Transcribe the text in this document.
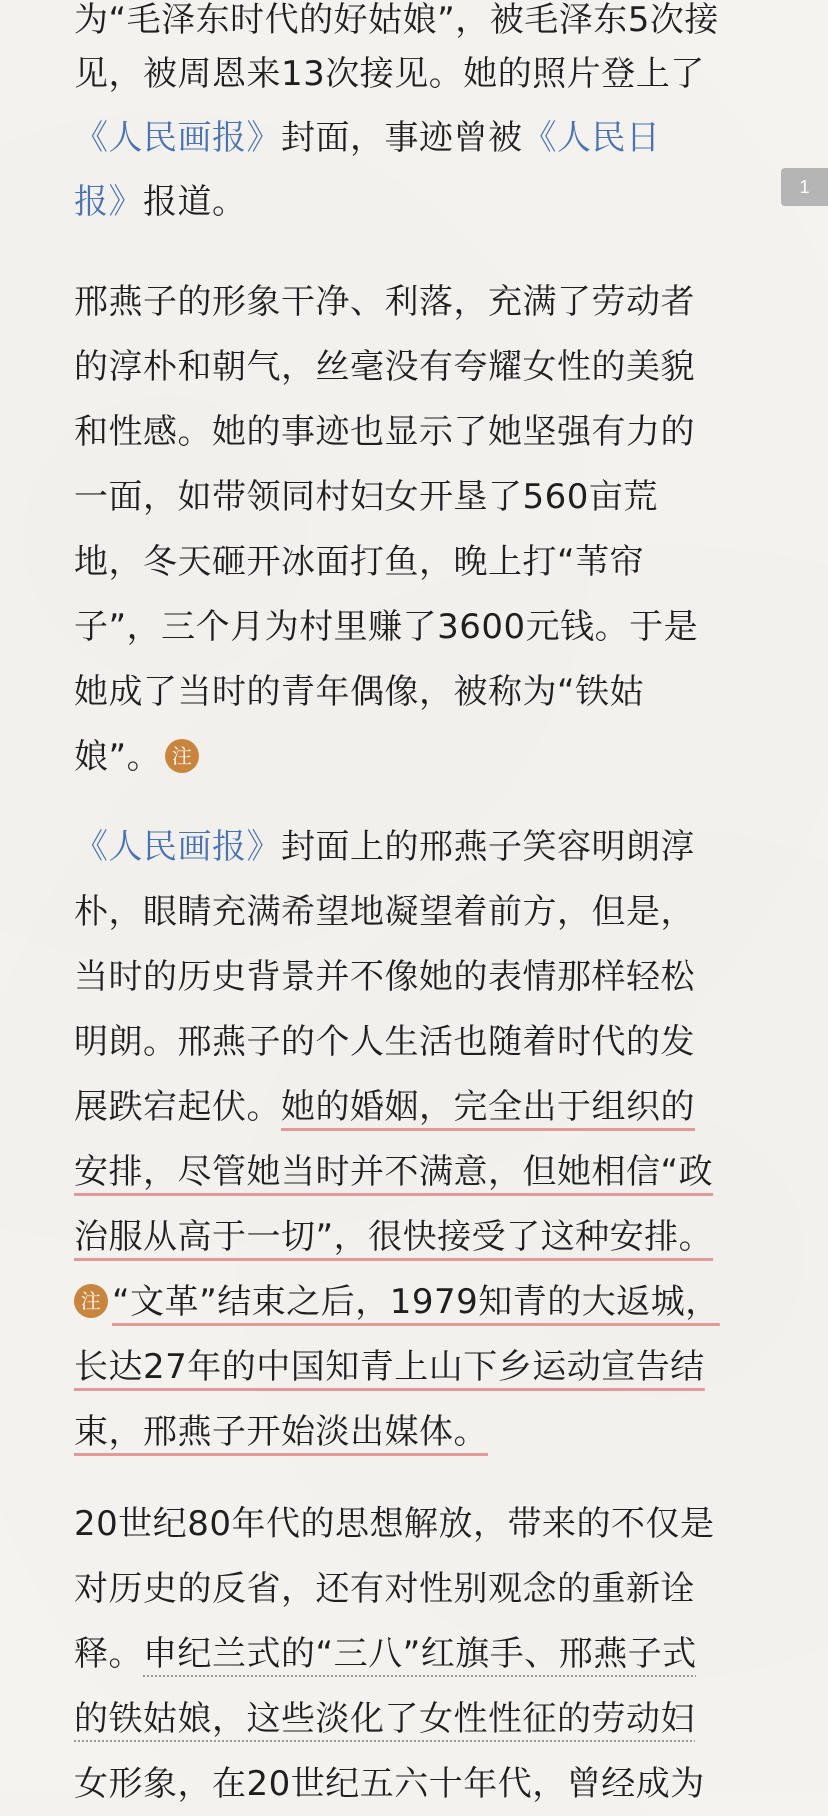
1
为“毛泽东时代的好姑娘”，被毛泽东5次接
见，被周恩来13次接见。她的照片登上了
《人民画报》封面，事迹曾被《人民日
报》报道。
邢燕子的形象干净、利落，充满了劳动者
的淳朴和朝气，丝毫没有夸耀女性的美貌
和性感。她的事迹也显示了她坚强有力的
一面，如带领同村妇女开垦了560亩荒
地，冬天砸开冰面打鱼，晚上打“苇帘
子”，三个月为村里赚了3600元钱。于是
她成了当时的青年偶像，被称为“铁姑
娘”。 注
《人民画报》封面上的邢燕子笑容明朗淳
朴，眼睛充满希望地凝望着前方，但是，
当时的历史背景并不像她的表情那样轻松
明朗。邢燕子的个人生活也随着时代的发
展跌宕起伏。她的婚姻，完全出于组织的
安排，尽管她当时并不满意，但她相信“政
治服从高于一切”，很快接受了这种安排。
注 “文革”结束之后，1979知青的大返城，
长达27年的中国知青上山下乡运动宣告结
束，邢燕子开始淡出媒体。
20世纪80年代的思想解放，带来的不仅是
对历史的反省，还有对性别观念的重新诠
释。申纪兰式的“三八”红旗手、邢燕子式
的铁姑娘，这些淡化了女性性征的劳动妇
女形象，在20世纪五六十年代，曾经成为
